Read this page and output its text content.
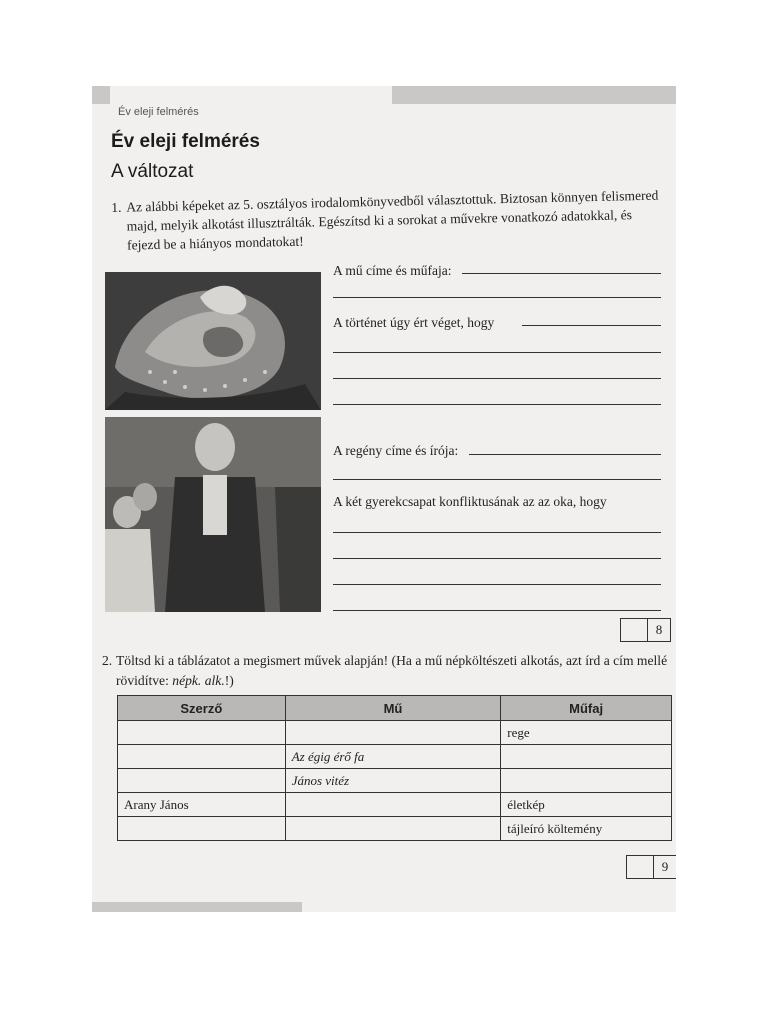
Év eleji felmérés
Év eleji felmérés
A változat
1. Az alábbi képeket az 5. osztályos irodalomkönyvedből választottuk. Biztosan könnyen felismered majd, melyik alkotást illusztrálták. Egészítsd ki a sorokat a művekre vonatkozó adatokkal, és fejezd be a hiányos mondatokat!
A mű címe és műfaja:
A történet úgy ért véget, hogy
A regény címe és írója:
A két gyerekcsapat konfliktusának az az oka, hogy
8
2. Töltsd ki a táblázatot a megismert művek alapján! (Ha a mű népköltészeti alkotás, azt írd a cím mellé rövidítve: népk. alk.!)
Szerző	Mű	Műfaj
		rege
	Az égig érő fa	
	János vitéz	
Arany János		életkép
		tájleíró költemény
9
